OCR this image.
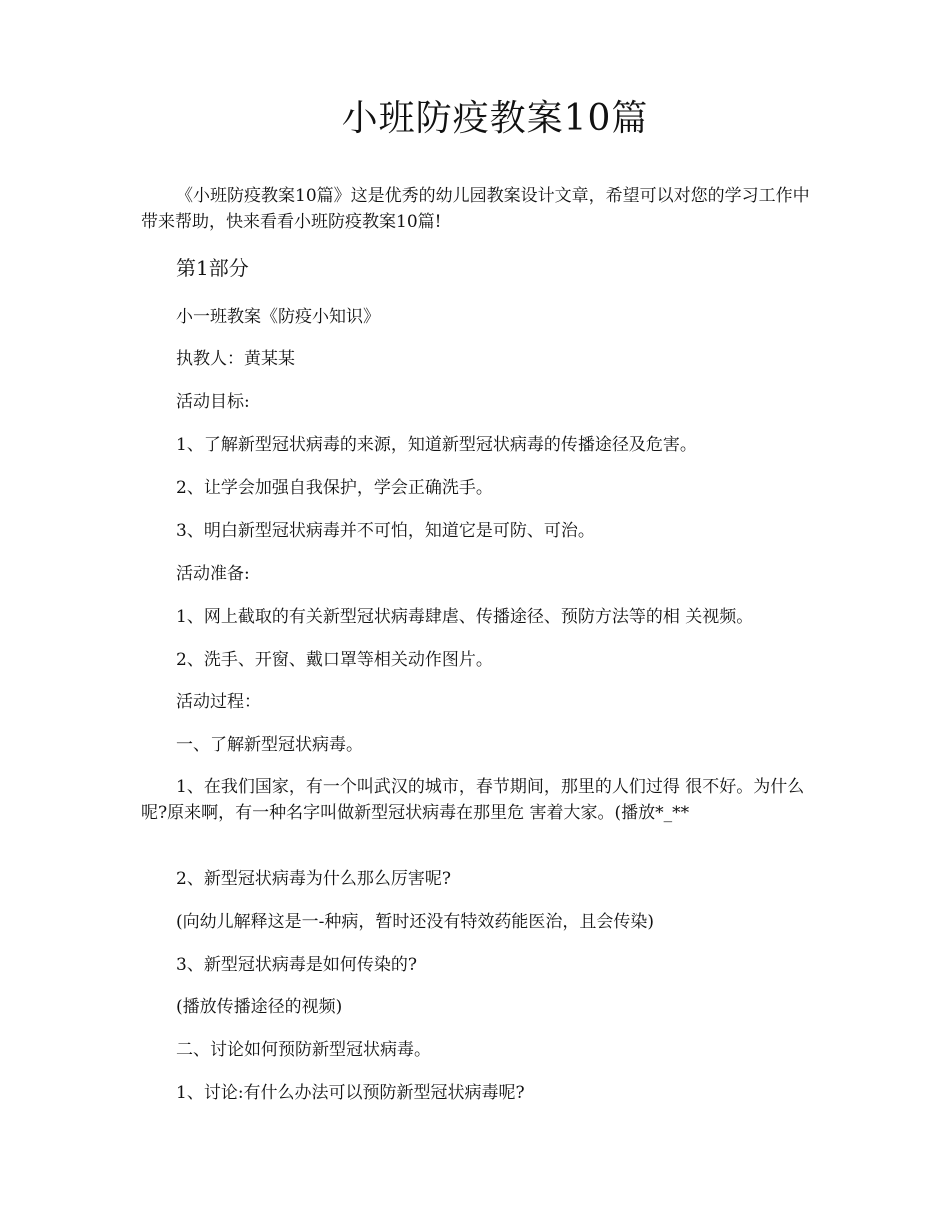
小班防疫教案10篇

《小班防疫教案10篇》这是优秀的幼儿园教案设计文章，希望可以对您的学习工作中带来帮助，快来看看小班防疫教案10篇!

第1部分

小一班教案《防疫小知识》

执教人：黄某某

活动目标:

1、了解新型冠状病毒的来源，知道新型冠状病毒的传播途径及危害。

2、让学会加强自我保护，学会正确洗手。

3、明白新型冠状病毒并不可怕，知道它是可防、可治。

活动准备:

1、网上截取的有关新型冠状病毒肆虐、传播途径、预防方法等的相 关视频。

2、洗手、开窗、戴口罩等相关动作图片。

活动过程：

一、了解新型冠状病毒。

1、在我们国家，有一个叫武汉的城市，春节期间，那里的人们过得 很不好。为什么呢?原来啊，有一种名字叫做新型冠状病毒在那里危 害着大家。(播放*_**

2、新型冠状病毒为什么那么厉害呢?

(向幼儿解释这是一-种病，暂时还没有特效药能医治，且会传染)

3、新型冠状病毒是如何传染的?

(播放传播途径的视频)

二、讨论如何预防新型冠状病毒。

1、讨论:有什么办法可以预防新型冠状病毒呢?
